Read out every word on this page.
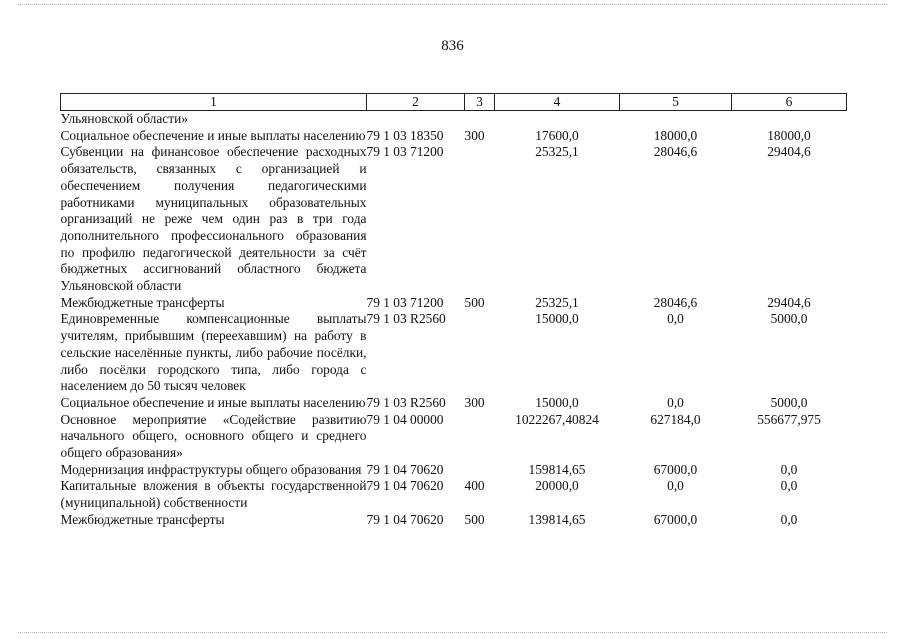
836
1	2	3	4	5	6
Ульяновской области»					
Социальное обеспечение и иные выплаты населению	79 1 03 18350	300	17600,0	18000,0	18000,0
Субвенции на финансовое обеспечение расходных обязательств, связанных с организацией и обеспечением получения педагогическими работниками муниципальных образовательных организаций не реже чем один раз в три года дополнительного профессионального образования по профилю педагогической деятельности за счёт бюджетных ассигнований областного бюджета Ульяновской области	79 1 03 71200		25325,1	28046,6	29404,6
Межбюджетные трансферты	79 1 03 71200	500	25325,1	28046,6	29404,6
Единовременные компенсационные выплаты учителям, прибывшим (переехавшим) на работу в сельские населённые пункты, либо рабочие посёлки, либо посёлки городского типа, либо города с населением до 50 тысяч человек	79 1 03 R2560		15000,0	0,0	5000,0
Социальное обеспечение и иные выплаты населению	79 1 03 R2560	300	15000,0	0,0	5000,0
Основное мероприятие «Содействие развитию начального общего, основного общего и среднего общего образования»	79 1 04 00000		1022267,40824	627184,0	556677,975
Модернизация инфраструктуры общего образования	79 1 04 70620		159814,65	67000,0	0,0
Капитальные вложения в объекты государственной (муниципальной) собственности	79 1 04 70620	400	20000,0	0,0	0,0
Межбюджетные трансферты	79 1 04 70620	500	139814,65	67000,0	0,0
